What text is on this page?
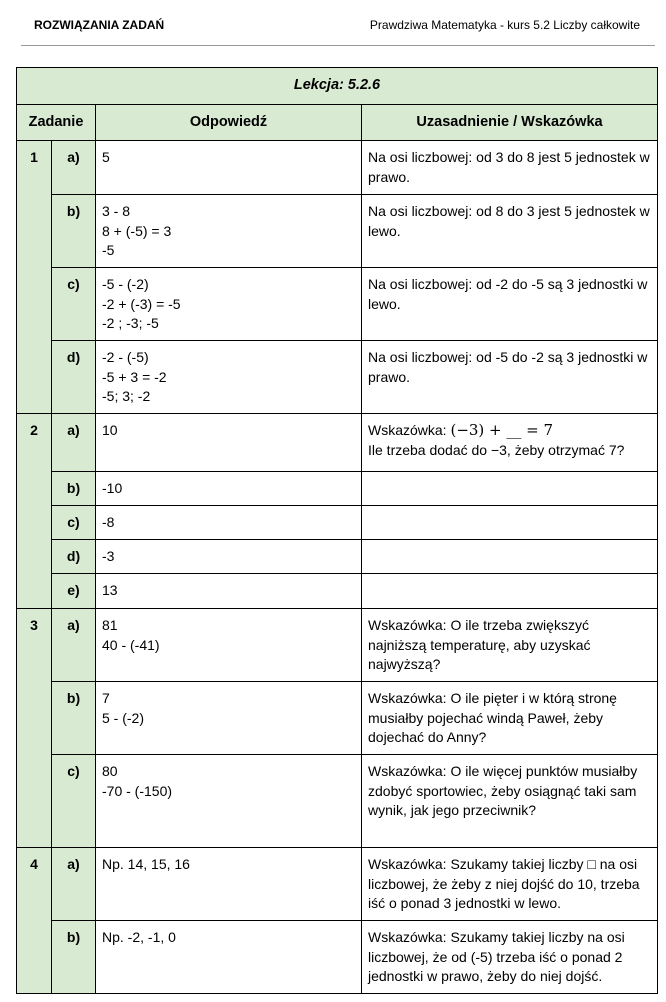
ROZWIĄZANIA ZADAŃ	Prawdziwa Matematyka - kurs 5.2 Liczby całkowite
Lekcja: 5.2.6			
Zadanie		Odpowiedź	Uzasadnienie / Wskazówka
1	a)	5	Na osi liczbowej: od 3 do 8 jest 5 jednostek w prawo.

	b)	3 - 8
8 + (-5) = 3
-5	Na osi liczbowej: od 8 do 3 jest 5 jednostek w lewo.

	c)	-5 - (-2)
-2 + (-3) = -5
-2 ; -3; -5	Na osi liczbowej: od -2 do -5 są 3 jednostki w lewo.

	d)	-2 - (-5)
-5 + 3 = -2
-5; 3; -2	Na osi liczbowej: od -5 do -2 są 3 jednostki w prawo.

2	a)	10	Wskazówka: (−3) + __ = 7
Ile trzeba dodać do −3, żeby otrzymać 7?

	b)	-10	

	c)	-8	

	d)	-3	

	e)	13	

3	a)	81
40 - (-41)	Wskazówka: O ile trzeba zwiększyć najniższą temperaturę, aby uzyskać najwyższą?

	b)	7
5 - (-2)	Wskazówka: O ile pięter i w którą stronę musiałby pojechać windą Paweł, żeby dojechać do Anny?

	c)	80
-70 - (-150)	Wskazówka: O ile więcej punktów musiałby zdobyć sportowiec, żeby osiągnąć taki sam wynik, jak jego przeciwnik?

4	a)	Np. 14, 15, 16	Wskazówka: Szukamy takiej liczby □ na osi liczbowej, że żeby z niej dojść do 10, trzeba iść o ponad 3 jednostki w lewo.

	b)	Np. -2, -1, 0	Wskazówka: Szukamy takiej liczby na osi liczbowej, że od (-5) trzeba iść o ponad 2 jednostki w prawo, żeby do niej dojść.
